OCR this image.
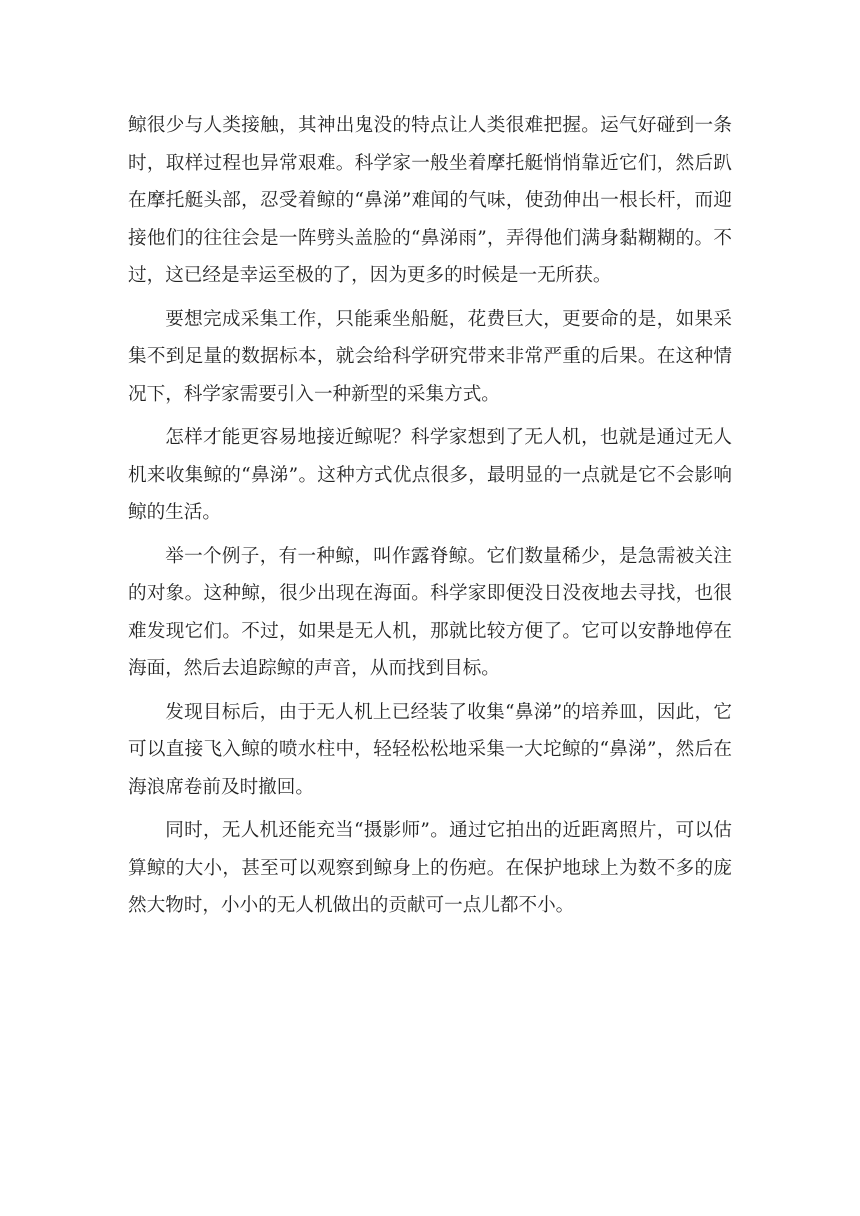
鲸很少与人类接触，其神出鬼没的特点让人类很难把握。运气好碰到一条时，取样过程也异常艰难。科学家一般坐着摩托艇悄悄靠近它们，然后趴在摩托艇头部，忍受着鲸的“鼻涕”难闻的气味，使劲伸出一根长杆，而迎接他们的往往会是一阵劈头盖脸的“鼻涕雨”，弄得他们满身黏糊糊的。不过，这已经是幸运至极的了，因为更多的时候是一无所获。

要想完成采集工作，只能乘坐船艇，花费巨大，更要命的是，如果采集不到足量的数据标本，就会给科学研究带来非常严重的后果。在这种情况下，科学家需要引入一种新型的采集方式。

怎样才能更容易地接近鲸呢？科学家想到了无人机，也就是通过无人机来收集鲸的“鼻涕”。这种方式优点很多，最明显的一点就是它不会影响鲸的生活。

举一个例子，有一种鲸，叫作露脊鲸。它们数量稀少，是急需被关注的对象。这种鲸，很少出现在海面。科学家即便没日没夜地去寻找，也很难发现它们。不过，如果是无人机，那就比较方便了。它可以安静地停在海面，然后去追踪鲸的声音，从而找到目标。

发现目标后，由于无人机上已经装了收集“鼻涕”的培养皿，因此，它可以直接飞入鲸的喷水柱中，轻轻松松地采集一大坨鲸的“鼻涕”，然后在海浪席卷前及时撤回。

同时，无人机还能充当“摄影师”。通过它拍出的近距离照片，可以估算鲸的大小，甚至可以观察到鲸身上的伤疤。在保护地球上为数不多的庞然大物时，小小的无人机做出的贡献可一点儿都不小。
